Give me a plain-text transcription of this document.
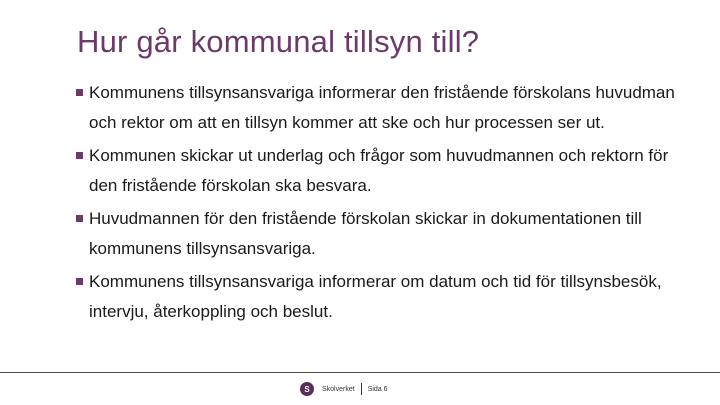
Hur går kommunal tillsyn till?
Kommunens tillsynsansvariga informerar den fristående förskolans huvudman och rektor om att en tillsyn kommer att ske och hur processen ser ut.
Kommunen skickar ut underlag och frågor som huvudmannen och rektorn för den fristående förskolan ska besvara.
Huvudmannen för den fristående förskolan skickar in dokumentationen till kommunens tillsynsansvariga.
Kommunens tillsynsansvariga informerar om datum och tid för tillsynsbesök, intervju, återkoppling och beslut.
S	Skolverket Sida 6
